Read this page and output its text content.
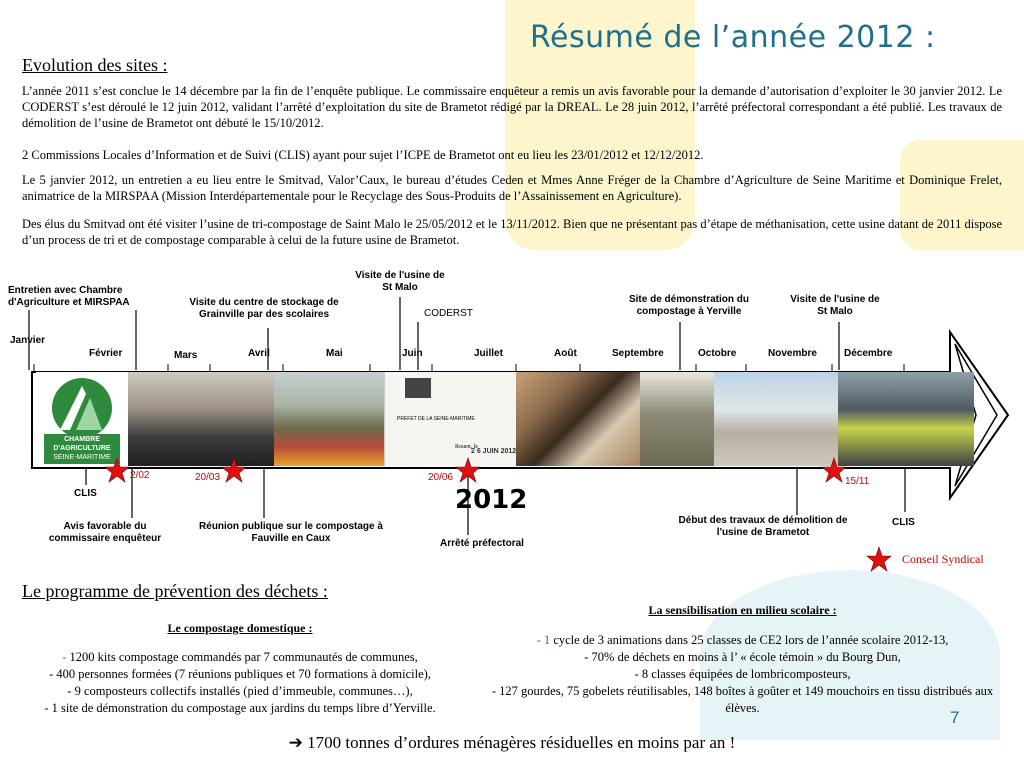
Résumé de l’année 2012 :
Evolution des sites :
L’année 2011 s’est conclue le 14 décembre par la fin de l’enquête publique. Le commissaire enquêteur a remis un avis favorable pour la demande d’autorisation d’exploiter le 30 janvier 2012. Le CODERST s’est déroulé le 12 juin 2012, validant l’arrêté d’exploitation du site de Brametot rédigé par la DREAL. Le 28 juin 2012, l’arrêté préfectoral correspondant a été publié. Les travaux de démolition de l’usine de Brametot ont débuté le 15/10/2012.
2 Commissions Locales d’Information et de Suivi (CLIS) ayant pour sujet l’ICPE de Brametot ont eu lieu les 23/01/2012 et 12/12/2012.
Le 5 janvier 2012, un entretien a eu lieu entre le Smitvad, Valor’Caux, le bureau d’études Ceden et Mmes Anne Fréger de la Chambre d’Agriculture de Seine Maritime et Dominique Frelet, animatrice de la MIRSPAA (Mission Interdépartementale pour le Recyclage des Sous-Produits de l’Assainissement en Agriculture).
Des élus du Smitvad ont été visiter l’usine de tri-compostage de Saint Malo le 25/05/2012 et le 13/11/2012. Bien que ne présentant pas d’étape de méthanisation, cette usine datant de 2011 dispose d’un process de tri et de compostage comparable à celui de la future usine de Brametot.
CHAMBRE
D'AGRICULTURE
SEINE-MARITIME
PREFET DE LA SEINE-MARITIME
Rouen, le
2 6 JUIN 2012
Janvier
Février	Mars	Avril	Mai	Juin	Juillet	Août	Septembre	Octobre	Novembre	Décembre
Entretien avec Chambre d'Agriculture et MIRSPAA	Visite du centre de stockage de Grainville par des scolaires
Visite de l'usine de St Malo
CODERST
Site de démonstration du compostage à Yerville
Visite de l'usine de St Malo
CLIS
Avis favorable du commissaire enquêteur
Réunion publique sur le compostage à Fauville en Caux	Arrêté préfectoral
Début des travaux de démolition de l'usine de Brametot
CLIS
2/02	20/03	20/06	15/11
2012
Conseil Syndical
Le programme de prévention des déchets :
Le compostage domestique :
- 1200 kits compostage commandés par 7 communautés de communes,
- 400 personnes formées (7 réunions publiques et 70 formations à domicile),
- 9 composteurs collectifs installés (pied d’immeuble, communes…),
- 1 site de démonstration du compostage aux jardins du temps libre d’Yerville.
La sensibilisation en milieu scolaire :
- 1 cycle de 3 animations dans 25 classes de CE2 lors de l’année scolaire 2012-13,
- 70% de déchets en moins à l’ « école témoin » du Bourg Dun,
- 8 classes équipées de lombricomposteurs,
- 127 gourdes, 75 gobelets réutilisables, 148 boîtes à goûter et 149 mouchoirs en tissu distribués aux élèves.	7
➔ 1700 tonnes d’ordures ménagères résiduelles en moins par an !
